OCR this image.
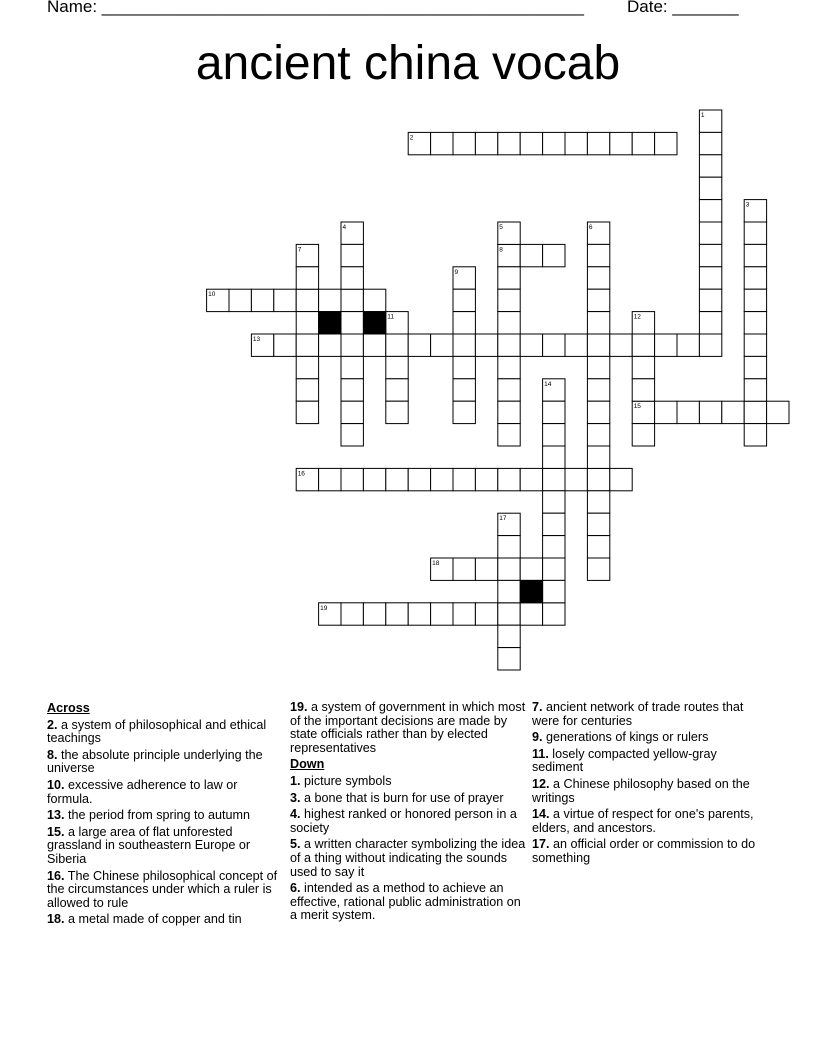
Name: ___________________________________________________	Date: _______
ancient china vocab
2
8
10
13
15
16
18
19
1
3
4	5	6
7
9
11	12
14
17
Across
2. a system of philosophical and ethical teachings
8. the absolute principle underlying the universe
10. excessive adherence to law or formula.
13. the period from spring to autumn
15. a large area of flat unforested grassland in southeastern Europe or Siberia
16. The Chinese philosophical concept of the circumstances under which a ruler is allowed to rule
18. a metal made of copper and tin
19. a system of government in which most of the important decisions are made by state officials rather than by elected representatives
Down
1. picture symbols
3. a bone that is burn for use of prayer
4. highest ranked or honored person in a society
5. a written character symbolizing the idea of a thing without indicating the sounds used to say it
6. intended as a method to achieve an effective, rational public administration on a merit system.
7. ancient network of trade routes that were for centuries
9. generations of kings or rulers
11. losely compacted yellow-gray sediment
12. a Chinese philosophy based on the writings
14. a virtue of respect for one's parents, elders, and ancestors.
17. an official order or commission to do something
